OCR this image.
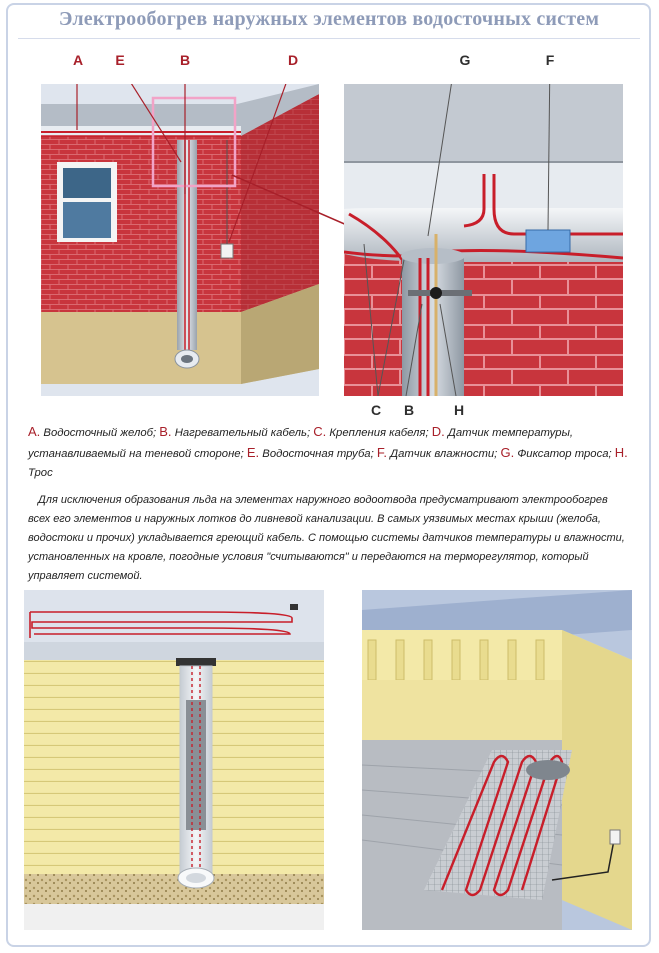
Электрообогрев наружных элементов водосточных систем
A	E	B	D	G	F
C	B	H
A. Водосточный желоб; B. Нагревательный кабель; C. Крепления кабеля; D. Датчик температуры, устанавливаемый на теневой стороне; E. Водосточная труба; F. Датчик влажности; G. Фиксатор троса; H. Трос
Для исключения образования льда на элементах наружного водоотвода предусматривают электрообогрев всех его элементов и наружных лотков до ливневой канализации. В самых уязвимых местах крыши (желоба, водостоки и прочих) укладывается греющий кабель. С помощью системы датчиков температуры и влажности, установленных на кровле, погодные условия "считываются" и передаются на терморегулятор, который управляет системой.
